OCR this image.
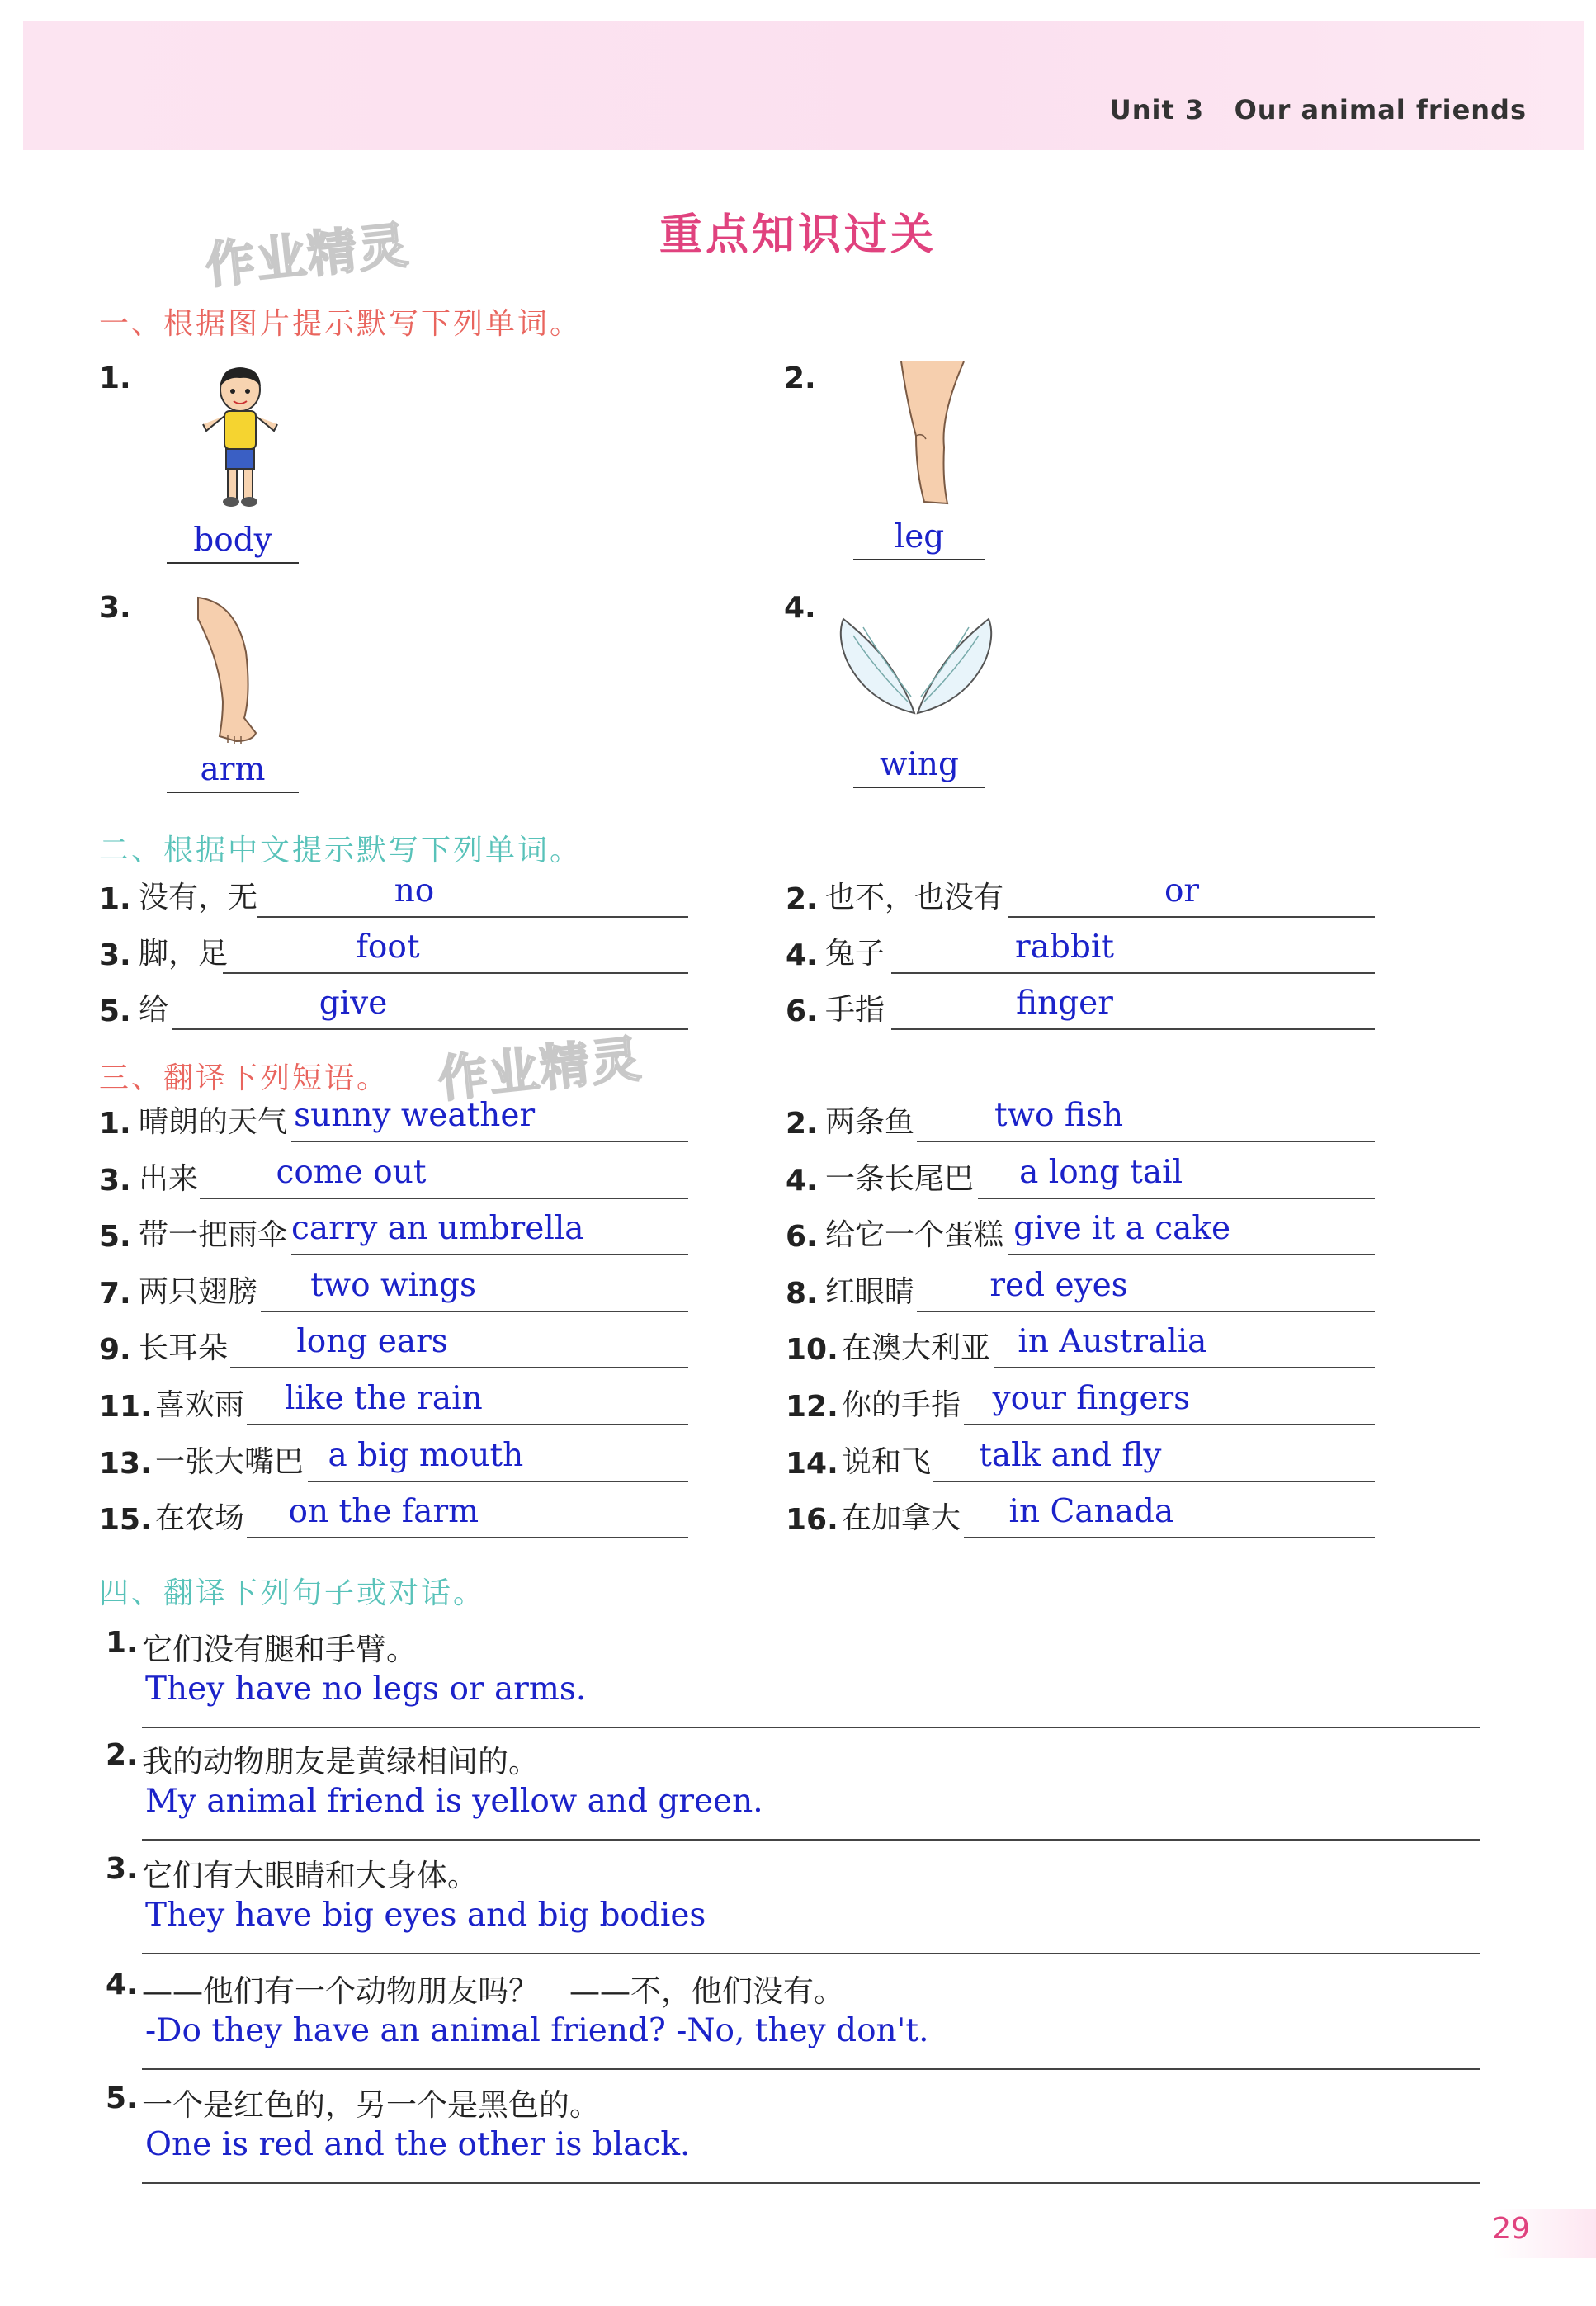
Unit 3 Our animal friends
作业精灵
作业精灵
重点知识过关
一、根据图片提示默写下列单词。
1.	2.
3.	4.
body	leg
arm	wing
二、根据中文提示默写下列单词。
1. 没有，无	no	2. 也不，也没有	or
3. 脚，足	foot	4. 兔子	rabbit
5. 给	give	6. 手指	finger
三、翻译下列短语。
1. 晴朗的天气 sunny weather	2. 两条鱼	two fish
3. 出来	come out	4. 一条长尾巴	a long tail
5. 带一把雨伞 carry an umbrella	6. 给它一个蛋糕 give it a cake
7. 两只翅膀	two wings	8. 红眼睛	red eyes
9. 长耳朵	long ears	10. 在澳大利亚 in Australia
11. 喜欢雨	like the rain	12. 你的手指 your fingers
13. 一张大嘴巴 a big mouth	14. 说和飞	talk and fly
15. 在农场	on the farm	16. 在加拿大	in Canada
四、翻译下列句子或对话。
1. 它们没有腿和手臂。
They have no legs or arms.
2. 我的动物朋友是黄绿相间的。
My animal friend is yellow and green.
3. 它们有大眼睛和大身体。
They have big eyes and big bodies
4. ——他们有一个动物朋友吗？　——不，他们没有。
-Do they have an animal friend? -No, they don't.
5. 一个是红色的，另一个是黑色的。
One is red and the other is black.
29
